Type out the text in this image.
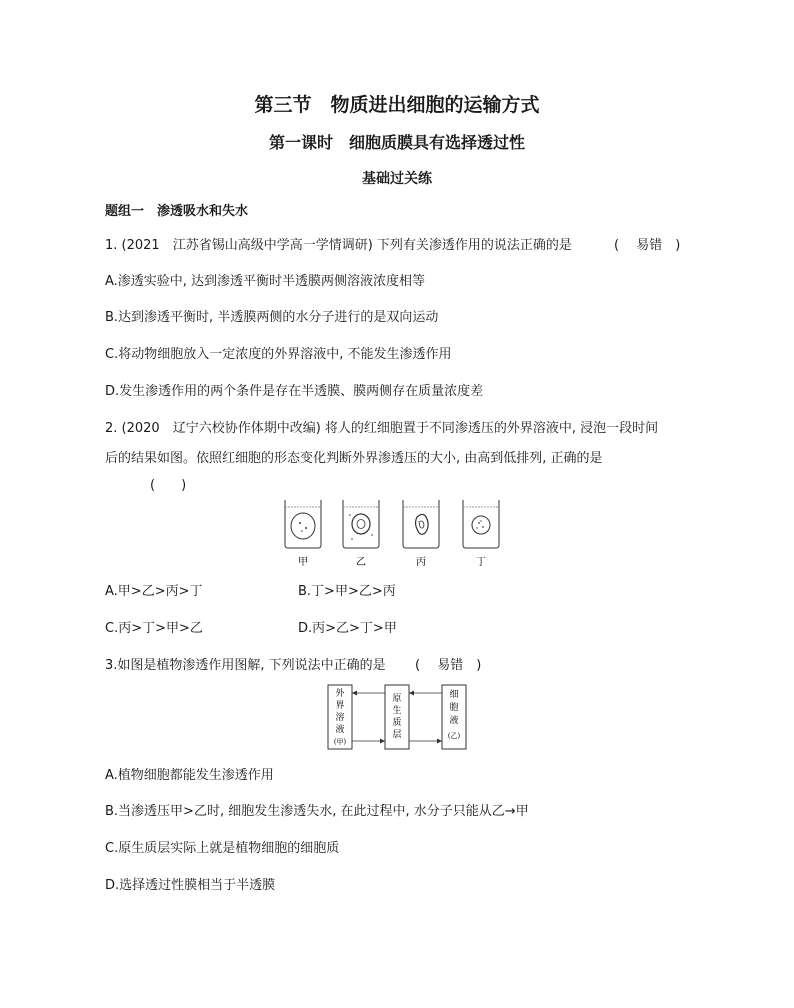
第三节　物质进出细胞的运输方式
第一课时　细胞质膜具有选择透过性
基础过关练
题组一　渗透吸水和失水
1. (2021　江苏省锡山高级中学高一学情调研) 下列有关渗透作用的说法正确的是	(　 易错　)
A.渗透实验中, 达到渗透平衡时半透膜两侧溶液浓度相等
B.达到渗透平衡时, 半透膜两侧的水分子进行的是双向运动
C.将动物细胞放入一定浓度的外界溶液中, 不能发生渗透作用
D.发生渗透作用的两个条件是存在半透膜、膜两侧存在质量浓度差
2. (2020　辽宁六校协作体期中改编) 将人的红细胞置于不同渗透压的外界溶液中, 浸泡一段时间
后的结果如图。依照红细胞的形态变化判断外界渗透压的大小, 由高到低排列, 正确的是
(　　)
甲	乙	丙	丁
A.甲>乙>丙>丁	B.丁>甲>乙>丙
C.丙>丁>甲>乙	D.丙>乙>丁>甲
3.如图是植物渗透作用图解, 下列说法中正确的是 (　 易错　)
外
界
溶
液
(甲)
原
生
质
层
细
胞
液
(乙)
A.植物细胞都能发生渗透作用
B.当渗透压甲>乙时, 细胞发生渗透失水, 在此过程中, 水分子只能从乙→甲
C.原生质层实际上就是植物细胞的细胞质
D.选择透过性膜相当于半透膜
